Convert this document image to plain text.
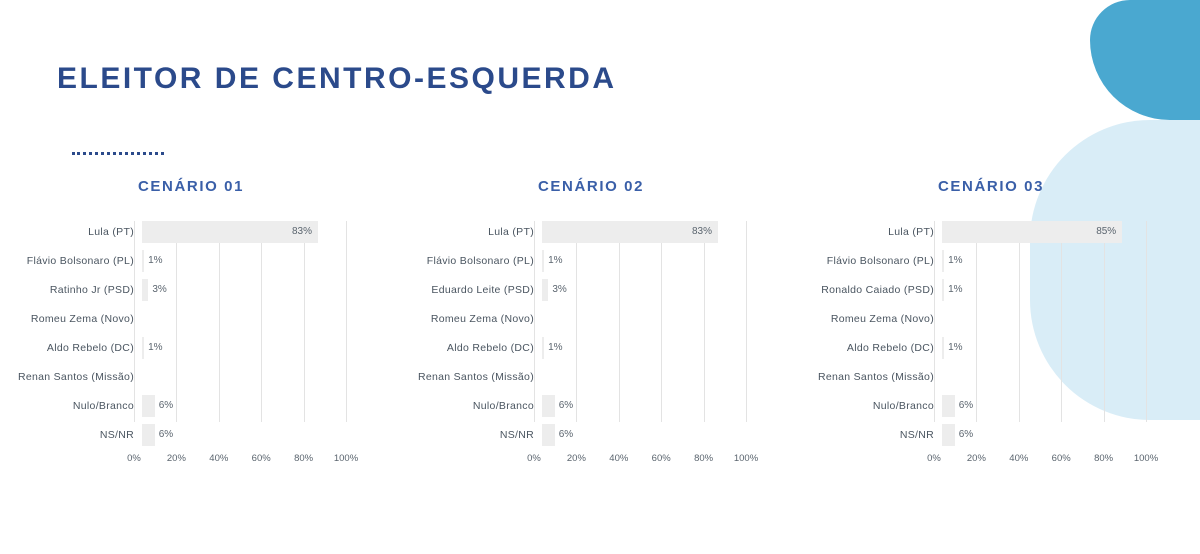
ELEITOR DE CENTRO-ESQUERDA
CENÁRIO 01
Lula (PT)	83%
Flávio Bolsonaro (PL)	1%
Ratinho Jr (PSD)	3%
Romeu Zema (Novo)
Aldo Rebelo (DC)	1%
Renan Santos (Missão)
Nulo/Branco	6%
NS/NR	6%
0%	20% 40% 60% 80% 100%
CENÁRIO 02
Lula (PT)	83%
Flávio Bolsonaro (PL)	1%
Eduardo Leite (PSD)	3%
Romeu Zema (Novo)
Aldo Rebelo (DC)	1%
Renan Santos (Missão)
Nulo/Branco	6%
NS/NR	6%
0%	20% 40% 60% 80% 100%
CENÁRIO 03
Lula (PT)	85%
Flávio Bolsonaro (PL)	1%
Ronaldo Caiado (PSD)	1%
Romeu Zema (Novo)
Aldo Rebelo (DC)	1%
Renan Santos (Missão)
Nulo/Branco	6%
NS/NR	6%
0%	20% 40% 60% 80% 100%
